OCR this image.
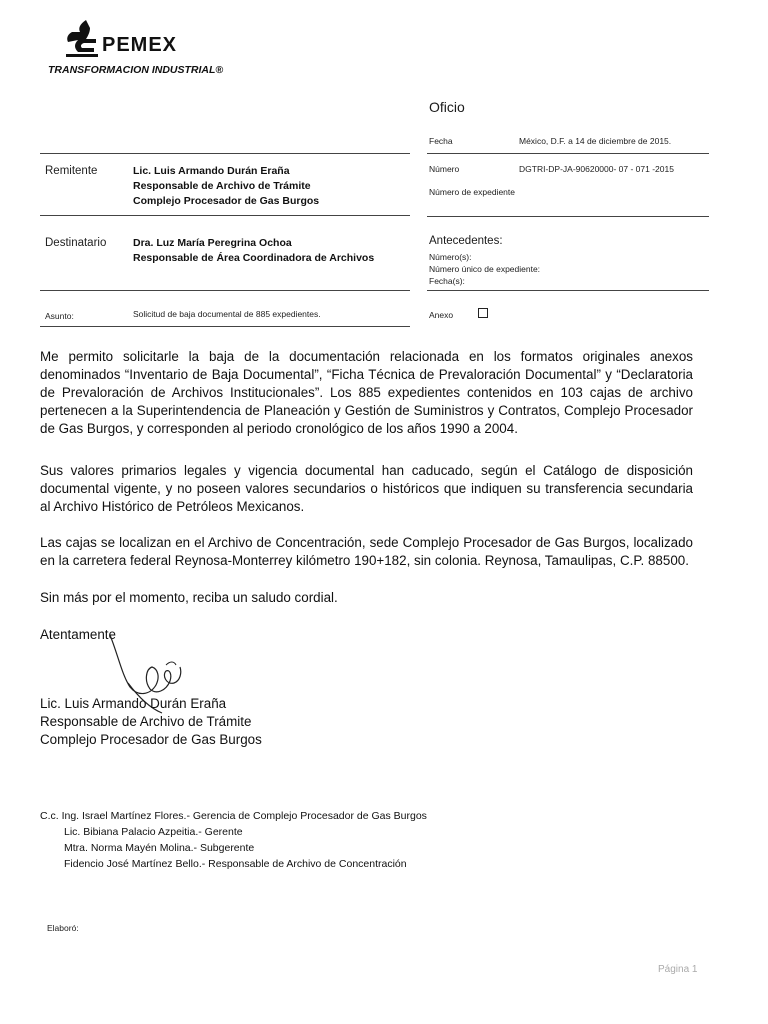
PEMEX
TRANSFORMACION INDUSTRIAL®
Oficio
Fecha	México, D.F. a 14 de diciembre de 2015.
Remitente	Lic. Luis Armando Durán Eraña
Responsable de Archivo de Trámite
Complejo Procesador de Gas Burgos
Número	DGTRI-DP-JA-90620000- 07 - 071 -2015
Número de expediente
Destinatario	Dra. Luz María Peregrina Ochoa
Responsable de Área Coordinadora de Archivos
Antecedentes:
Número(s):
Número único de expediente:
Fecha(s):
Asunto:	Solicitud de baja documental de 885 expedientes.	Anexo
Me permito solicitarle la baja de la documentación relacionada en los formatos originales anexos denominados “Inventario de Baja Documental”, “Ficha Técnica de Prevaloración Documental” y “Declaratoria de Prevaloración de Archivos Institucionales”. Los 885 expedientes contenidos en 103 cajas de archivo pertenecen a la Superintendencia de Planeación y Gestión de Suministros y Contratos, Complejo Procesador de Gas Burgos, y corresponden al periodo cronológico de los años 1990 a 2004.
Sus valores primarios legales y vigencia documental han caducado, según el Catálogo de disposición documental vigente, y no poseen valores secundarios o históricos que indiquen su transferencia secundaria al Archivo Histórico de Petróleos Mexicanos.
Las cajas se localizan en el Archivo de Concentración, sede Complejo Procesador de Gas Burgos, localizado en la carretera federal Reynosa-Monterrey kilómetro 190+182, sin colonia. Reynosa, Tamaulipas, C.P. 88500.
Sin más por el momento, reciba un saludo cordial.
Atentamente
Lic. Luis Armando Durán Eraña
Responsable de Archivo de Trámite
Complejo Procesador de Gas Burgos
C.c. Ing. Israel Martínez Flores.- Gerencia de Complejo Procesador de Gas Burgos
Lic. Bibiana Palacio Azpeitia.- Gerente
Mtra. Norma Mayén Molina.- Subgerente
Fidencio José Martínez Bello.- Responsable de Archivo de Concentración
Elaboró:
Página 1
